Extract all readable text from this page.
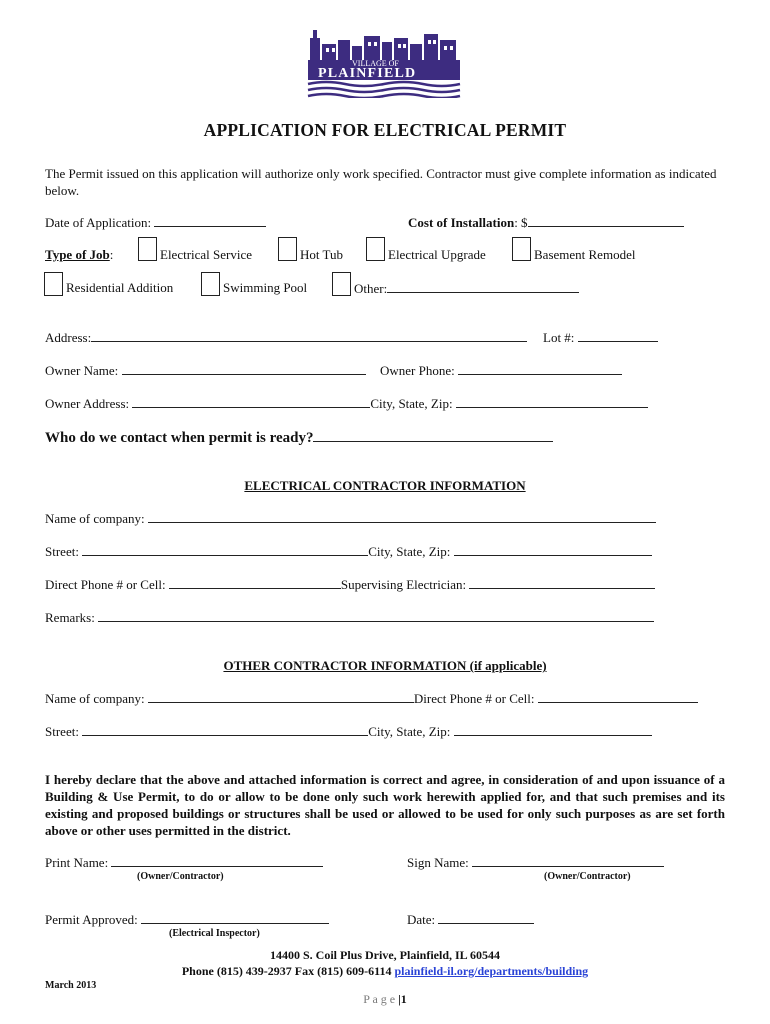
VILLAGE OF
PLAINFIELD
APPLICATION FOR ELECTRICAL PERMIT
The Permit issued on this application will authorize only work specified. Contractor must give complete information as indicated below.
Date of Application:	Cost of Installation: $
Type of Job:	Electrical Service	Hot Tub	Electrical Upgrade	Basement Remodel
Residential Addition	Swimming Pool	Other:
Address:	Lot #:
Owner Name:	Owner Phone:
Owner Address:	City, State, Zip:
Who do we contact when permit is ready?
ELECTRICAL CONTRACTOR INFORMATION
Name of company:
Street:	City, State, Zip:
Direct Phone # or Cell:	Supervising Electrician:
Remarks:
OTHER CONTRACTOR INFORMATION (if applicable)
Name of company:	Direct Phone # or Cell:
Street:	City, State, Zip:
I hereby declare that the above and attached information is correct and agree, in consideration of and upon issuance of a Building & Use Permit, to do or allow to be done only such work herewith applied for, and that such premises and its existing and proposed buildings or structures shall be used or allowed to be used for only such purposes as are set forth above or other uses permitted in the district.
Print Name:
(Owner/Contractor)
Sign Name:
(Owner/Contractor)
Permit Approved:
(Electrical Inspector)
Date:
14400 S. Coil Plus Drive, Plainfield, IL 60544
Phone (815) 439-2937 Fax (815) 609-6114 plainfield-il.org/departments/building
March 2013
P a g e |1
